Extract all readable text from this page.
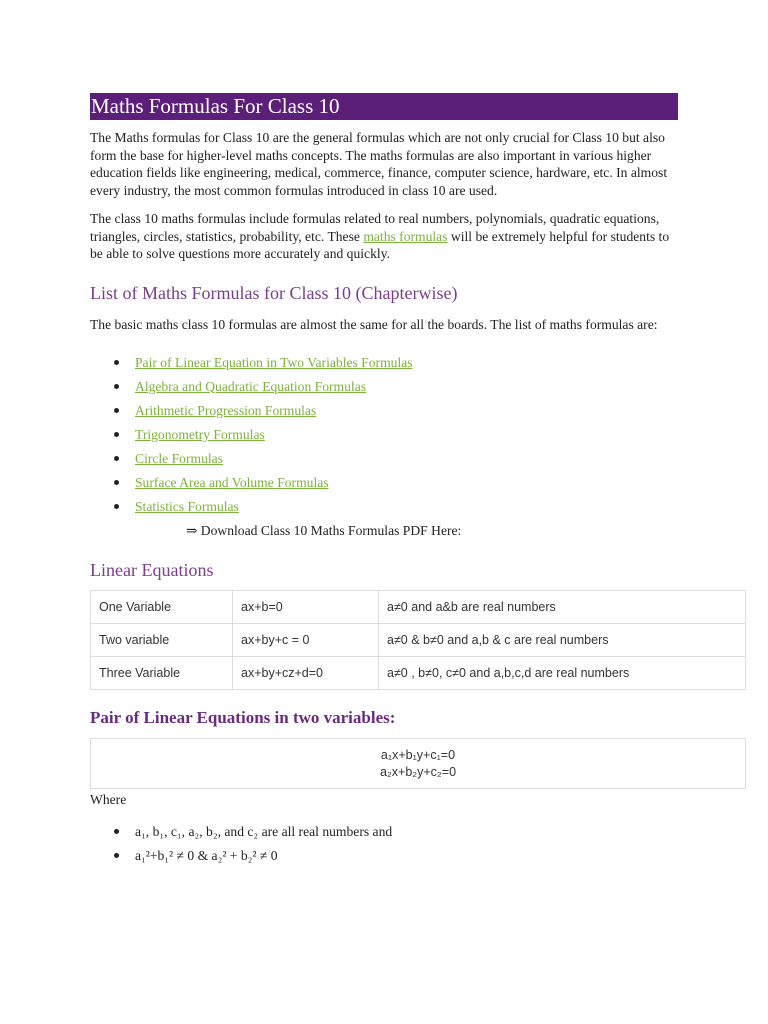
Maths Formulas For Class 10

The Maths formulas for Class 10 are the general formulas which are not only crucial for Class 10 but also form the base for higher-level maths concepts. The maths formulas are also important in various higher education fields like engineering, medical, commerce, finance, computer science, hardware, etc. In almost every industry, the most common formulas introduced in class 10 are used.

The class 10 maths formulas include formulas related to real numbers, polynomials, quadratic equations, triangles, circles, statistics, probability, etc. These maths formulas will be extremely helpful for students to be able to solve questions more accurately and quickly.

List of Maths Formulas for Class 10 (Chapterwise)

The basic maths class 10 formulas are almost the same for all the boards. The list of maths formulas are:

Pair of Linear Equation in Two Variables Formulas
Algebra and Quadratic Equation Formulas
Arithmetic Progression Formulas
Trigonometry Formulas
Circle Formulas
Surface Area and Volume Formulas
Statistics Formulas
⇒ Download Class 10 Maths Formulas PDF Here:
Linear Equations
One Variable	ax+b=0	a≠0 and a&b are real numbers
Two variable	ax+by+c = 0	a≠0 & b≠0 and a,b & c are real numbers
Three Variable	ax+by+cz+d=0	a≠0 , b≠0, c≠0 and a,b,c,d are real numbers
Pair of Linear Equations in two variables:
a₁x+b₁y+c₁=0
a₂x+b₂y+c₂=0
Where
a₁, b₁, c₁, a₂, b₂, and c₂ are all real numbers and
a₁²+b₁² ≠ 0 & a₂² + b₂² ≠ 0
